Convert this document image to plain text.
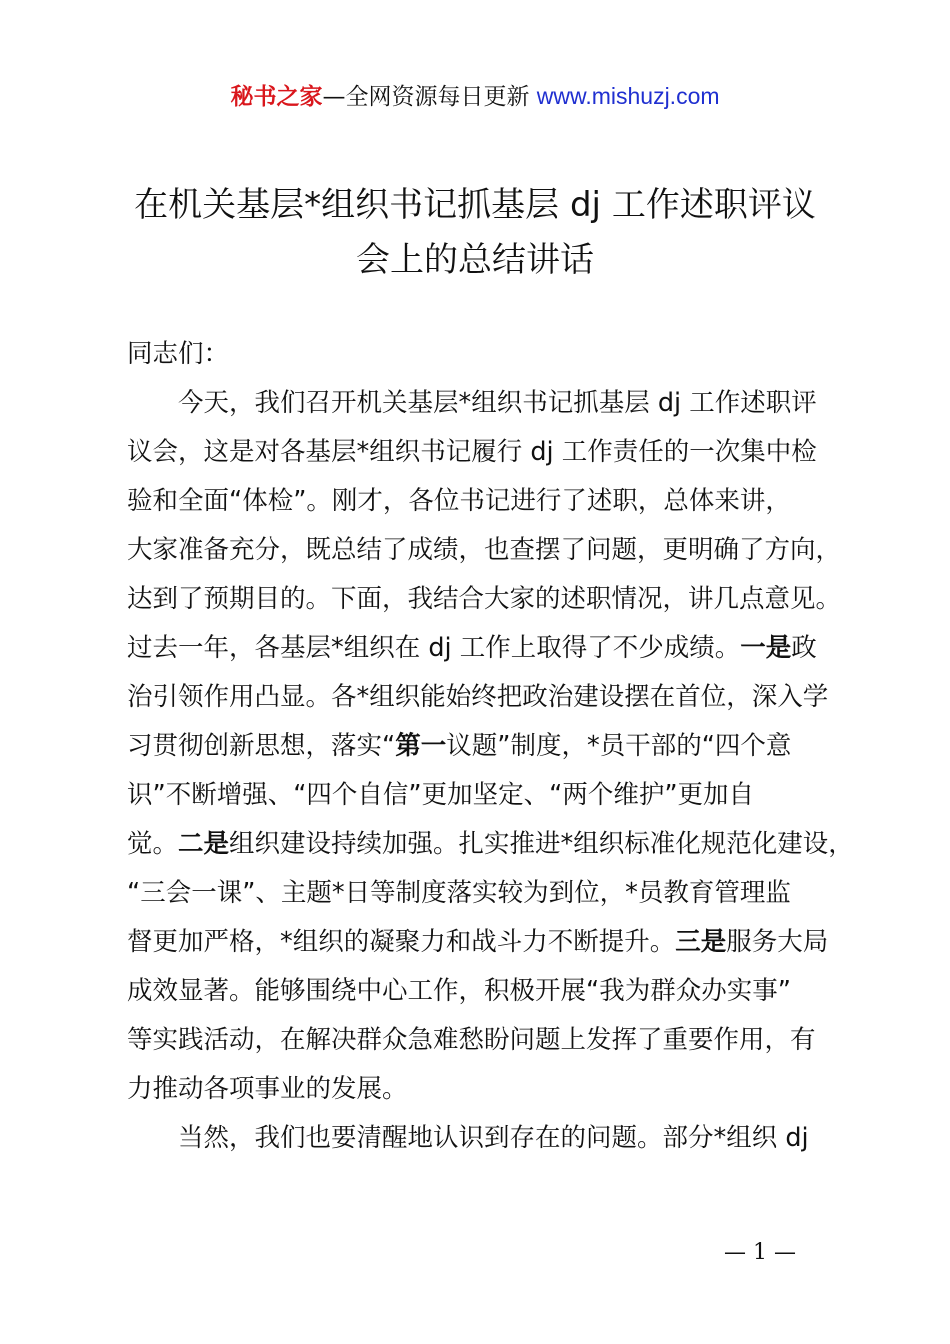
秘书之家—全网资源每日更新 www.mishuzj.com
在机关基层*组织书记抓基层 dj 工作述职评议
会上的总结讲话
同志们：
今天，我们召开机关基层*组织书记抓基层 dj 工作述职评
议会，这是对各基层*组织书记履行 dj 工作责任的一次集中检
验和全面“体检”。刚才，各位书记进行了述职，总体来讲，
大家准备充分，既总结了成绩，也查摆了问题，更明确了方向，
达到了预期目的。下面，我结合大家的述职情况，讲几点意见。
过去一年，各基层*组织在 dj 工作上取得了不少成绩。一是政
治引领作用凸显。各*组织能始终把政治建设摆在首位，深入学
习贯彻创新思想，落实“第一议题”制度，*员干部的“四个意
识”不断增强、“四个自信”更加坚定、“两个维护”更加自
觉。二是组织建设持续加强。扎实推进*组织标准化规范化建设，
“三会一课”、主题*日等制度落实较为到位，*员教育管理监
督更加严格，*组织的凝聚力和战斗力不断提升。三是服务大局
成效显著。能够围绕中心工作，积极开展“我为群众办实事”
等实践活动，在解决群众急难愁盼问题上发挥了重要作用，有
力推动各项事业的发展。
当然，我们也要清醒地认识到存在的问题。部分*组织 dj
— 1 —
